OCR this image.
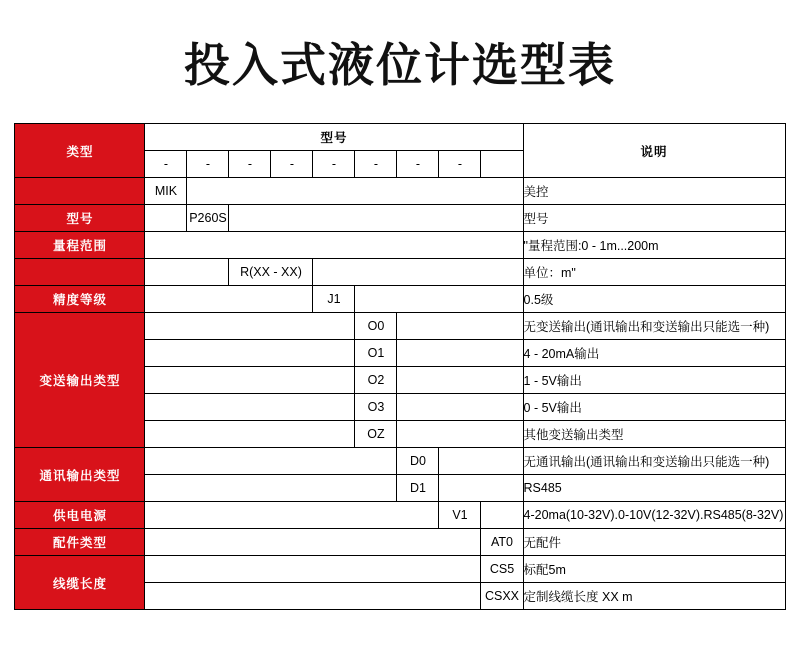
投入式液位计选型表
类型	型号									说明
	-	-	-	-	-	-	-	-		
	MIK									美控
型号		P260S								型号
量程范围										"量程范围:0 - 1m...200m
			R(XX - XX)							单位：m"
精度等级					J1					0.5级
变送输出类型						O0				无变送输出(通讯输出和变送输出只能选一种)
						O1				4 - 20mA输出
						O2				1 - 5V输出
						O3				0 - 5V输出
						OZ				其他变送输出类型
通讯输出类型							D0			无通讯输出(通讯输出和变送输出只能选一种)
							D1			RS485
供电电源								V1		4-20ma(10-32V).0-10V(12-32V).RS485(8-32V)
配件类型									AT0	无配件
线缆长度									CS5	标配5m
									CSXX	定制线缆长度 XX m
